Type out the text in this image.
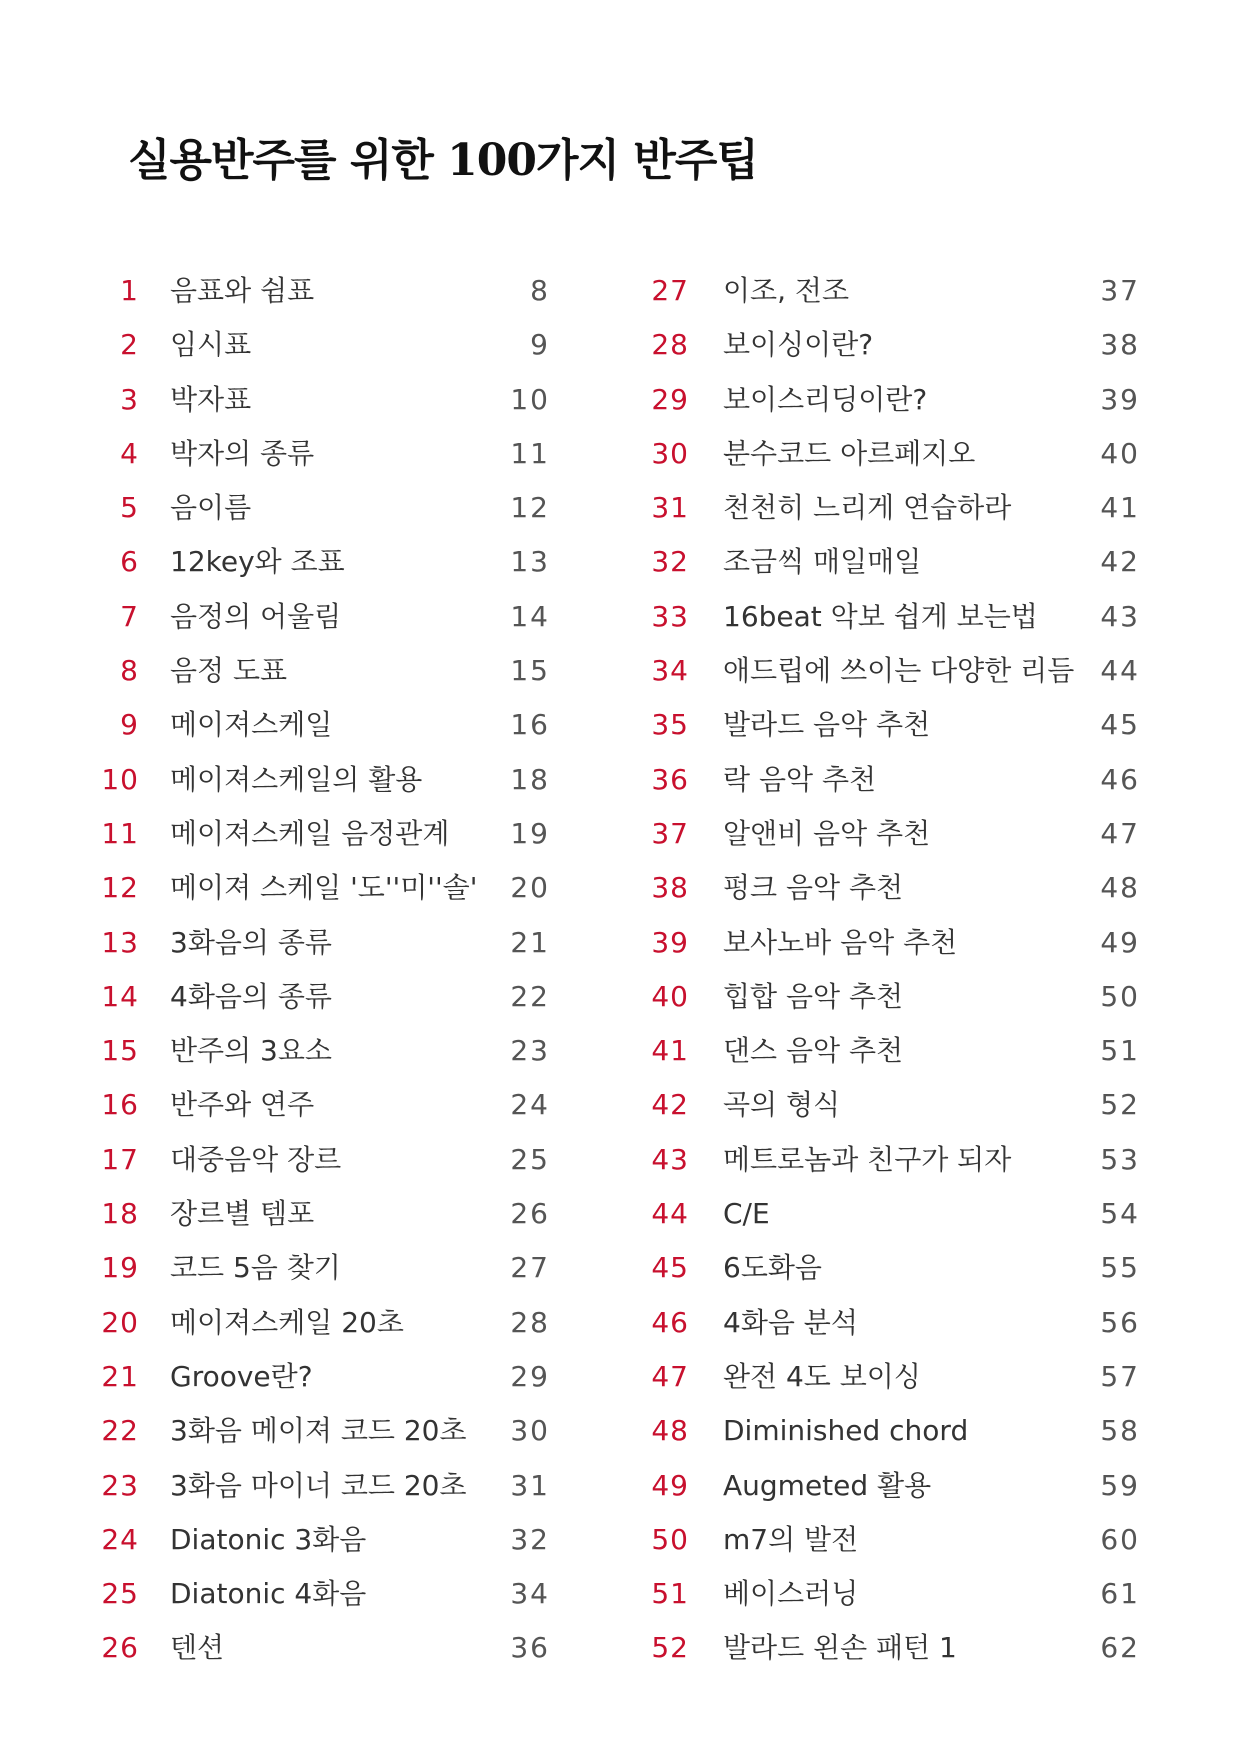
실용반주를 위한 100가지 반주팁
1 음표와 쉼표	8
2 임시표	9
3 박자표	10
4 박자의 종류	11
5 음이름	12
6 12key와 조표	13
7 음정의 어울림	14
8 음정 도표	15
9 메이져스케일	16
10 메이져스케일의 활용	18
11 메이져스케일 음정관계 19
12 메이져 스케일 '도''미''솔' 20
13 3화음의 종류	21
14 4화음의 종류	22
15 반주의 3요소	23
16 반주와 연주	24
17 대중음악 장르	25
18 장르별 템포	26
19 코드 5음 찾기	27
20 메이져스케일 20초	28
21 Groove란?	29
22 3화음 메이져 코드 20초 30
23 3화음 마이너 코드 20초 31
24 Diatonic 3화음	32
25 Diatonic 4화음	34
26 텐션	36
27 이조, 전조	37
28 보이싱이란?	38
29 보이스리딩이란?	39
30 분수코드 아르페지오	40
31 천천히 느리게 연습하라	41
32 조금씩 매일매일	42
33 16beat 악보 쉽게 보는법 43
34 애드립에 쓰이는 다양한 리듬 44
35 발라드 음악 추천	45
36 락 음악 추천	46
37 알앤비 음악 추천	47
38 펑크 음악 추천	48
39 보사노바 음악 추천	49
40 힙합 음악 추천	50
41 댄스 음악 추천	51
42 곡의 형식	52
43 메트로놈과 친구가 되자	53
44 C/E	54
45 6도화음	55
46 4화음 분석	56
47 완전 4도 보이싱	57
48 Diminished chord	58
49 Augmeted 활용	59
50 m7의 발전	60
51 베이스러닝	61
52 발라드 왼손 패턴 1	62
